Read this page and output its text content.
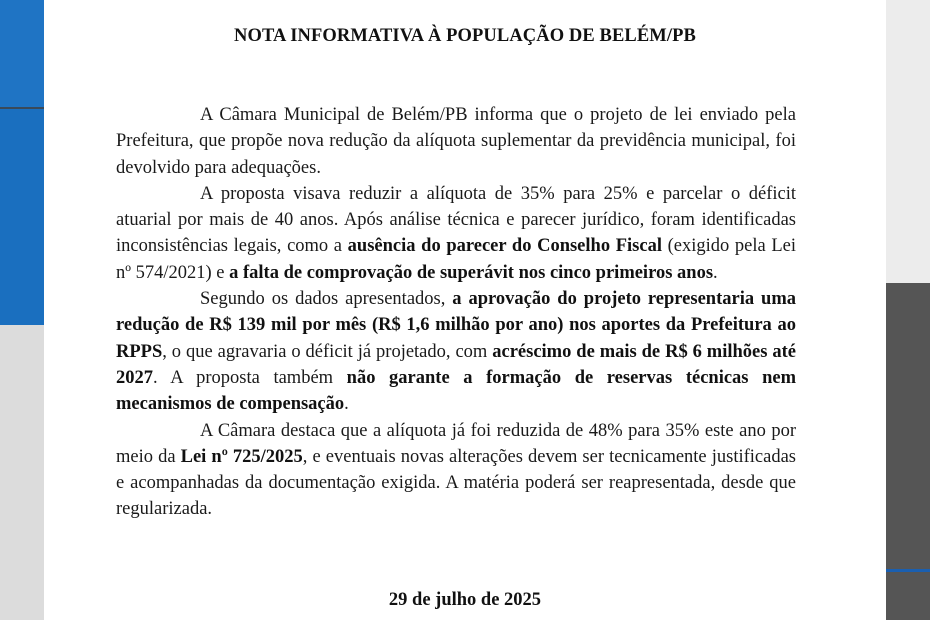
NOTA INFORMATIVA À POPULAÇÃO DE BELÉM/PB

A Câmara Municipal de Belém/PB informa que o projeto de lei enviado pela Prefeitura, que propõe nova redução da alíquota suplementar da previdência municipal, foi devolvido para adequações.

A proposta visava reduzir a alíquota de 35% para 25% e parcelar o déficit atuarial por mais de 40 anos. Após análise técnica e parecer jurídico, foram identificadas inconsistências legais, como a ausência do parecer do Conselho Fiscal (exigido pela Lei nº 574/2021) e a falta de comprovação de superávit nos cinco primeiros anos.

Segundo os dados apresentados, a aprovação do projeto representaria uma redução de R$ 139 mil por mês (R$ 1,6 milhão por ano) nos aportes da Prefeitura ao RPPS, o que agravaria o déficit já projetado, com acréscimo de mais de R$ 6 milhões até 2027. A proposta também não garante a formação de reservas técnicas nem mecanismos de compensação.

A Câmara destaca que a alíquota já foi reduzida de 48% para 35% este ano por meio da Lei nº 725/2025, e eventuais novas alterações devem ser tecnicamente justificadas e acompanhadas da documentação exigida. A matéria poderá ser reapresentada, desde que regularizada.

29 de julho de 2025
